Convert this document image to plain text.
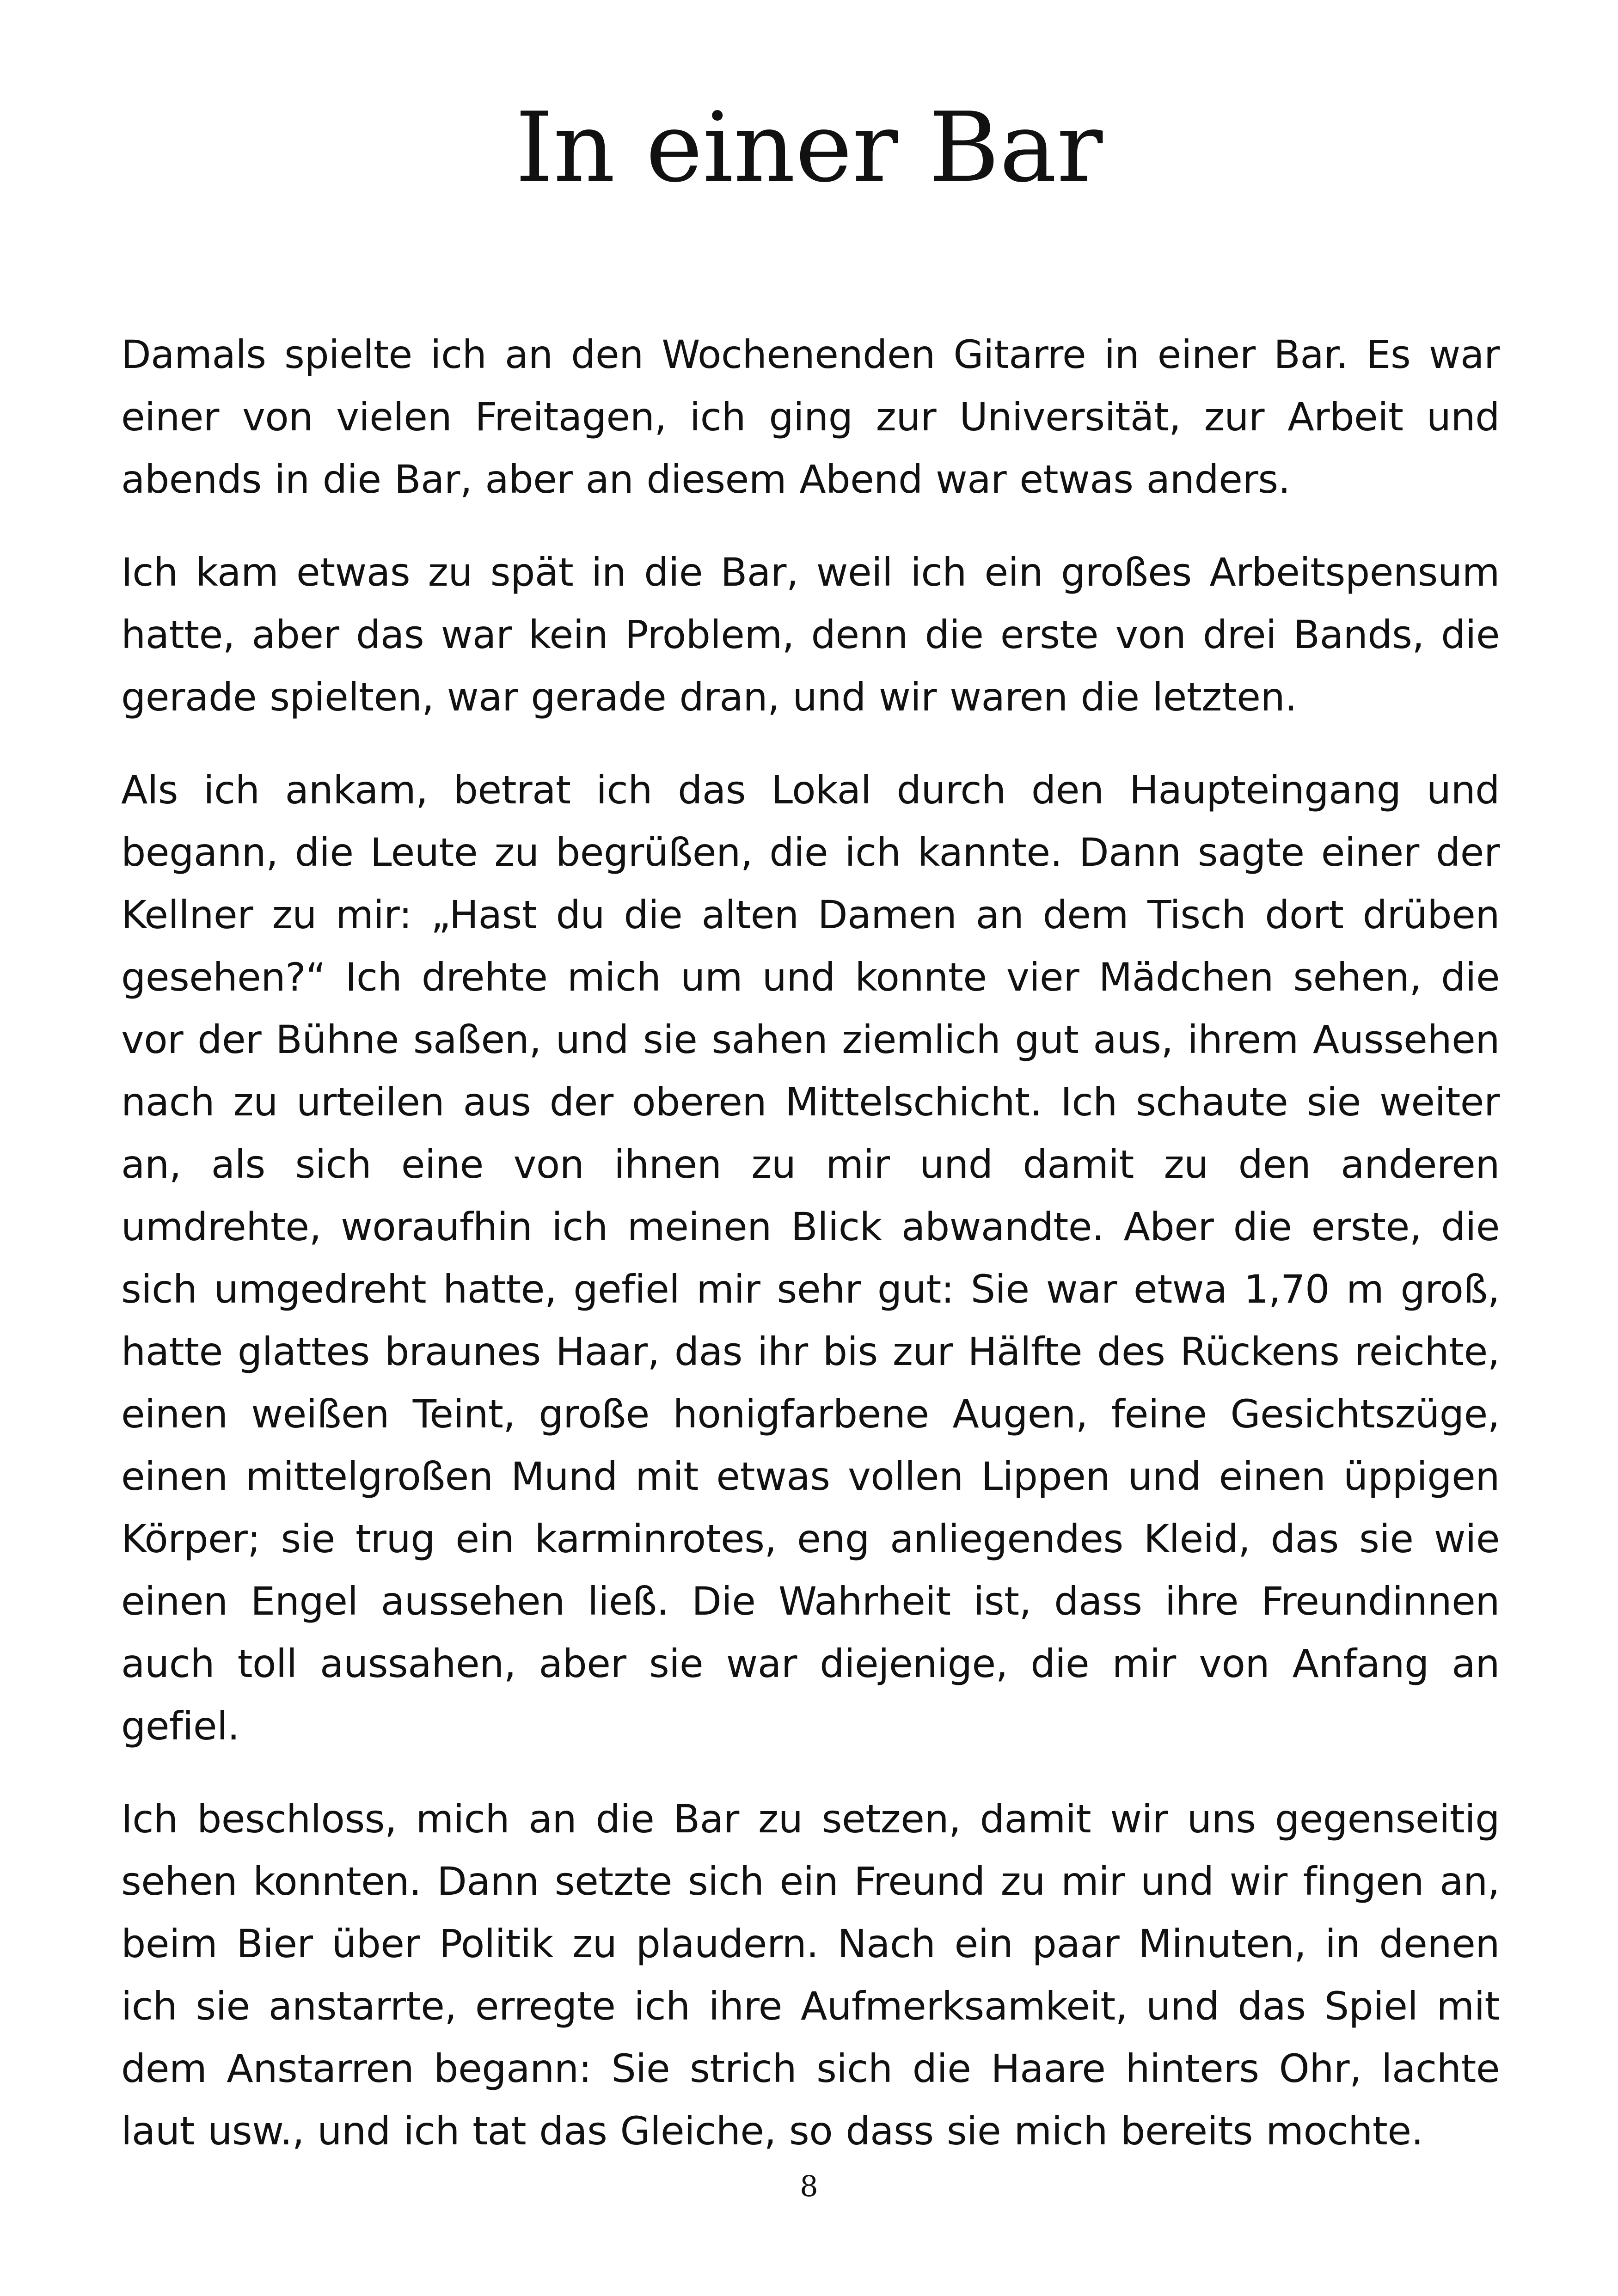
In einer Bar

Damals spielte ich an den Wochenenden Gitarre in einer Bar. Es war einer von vielen Freitagen, ich ging zur Universität, zur Arbeit und abends in die Bar, aber an diesem Abend war etwas anders.

Ich kam etwas zu spät in die Bar, weil ich ein großes Arbeitspensum hatte, aber das war kein Problem, denn die erste von drei Bands, die gerade spielten, war gerade dran, und wir waren die letzten.

Als ich ankam, betrat ich das Lokal durch den Haupteingang und begann, die Leute zu begrüßen, die ich kannte. Dann sagte einer der Kellner zu mir: „Hast du die alten Damen an dem Tisch dort drüben gesehen?“ Ich drehte mich um und konnte vier Mädchen sehen, die vor der Bühne saßen, und sie sahen ziemlich gut aus, ihrem Aussehen nach zu urteilen aus der oberen Mittelschicht. Ich schaute sie weiter an, als sich eine von ihnen zu mir und damit zu den anderen umdrehte, woraufhin ich meinen Blick abwandte. Aber die erste, die sich umgedreht hatte, gefiel mir sehr gut: Sie war etwa 1,70 m groß, hatte glattes braunes Haar, das ihr bis zur Hälfte des Rückens reichte, einen weißen Teint, große honigfarbene Augen, feine Gesichtszüge, einen mittelgroßen Mund mit etwas vollen Lippen und einen üppigen Körper; sie trug ein karminrotes, eng anliegendes Kleid, das sie wie einen Engel aussehen ließ. Die Wahrheit ist, dass ihre Freundinnen auch toll aussahen, aber sie war diejenige, die mir von Anfang an gefiel.

Ich beschloss, mich an die Bar zu setzen, damit wir uns gegenseitig sehen konnten. Dann setzte sich ein Freund zu mir und wir fingen an, beim Bier über Politik zu plaudern. Nach ein paar Minuten, in denen ich sie anstarrte, erregte ich ihre Aufmerksamkeit, und das Spiel mit dem Anstarren begann: Sie strich sich die Haare hinters Ohr, lachte laut usw., und ich tat das Gleiche, so dass sie mich bereits mochte.

8
